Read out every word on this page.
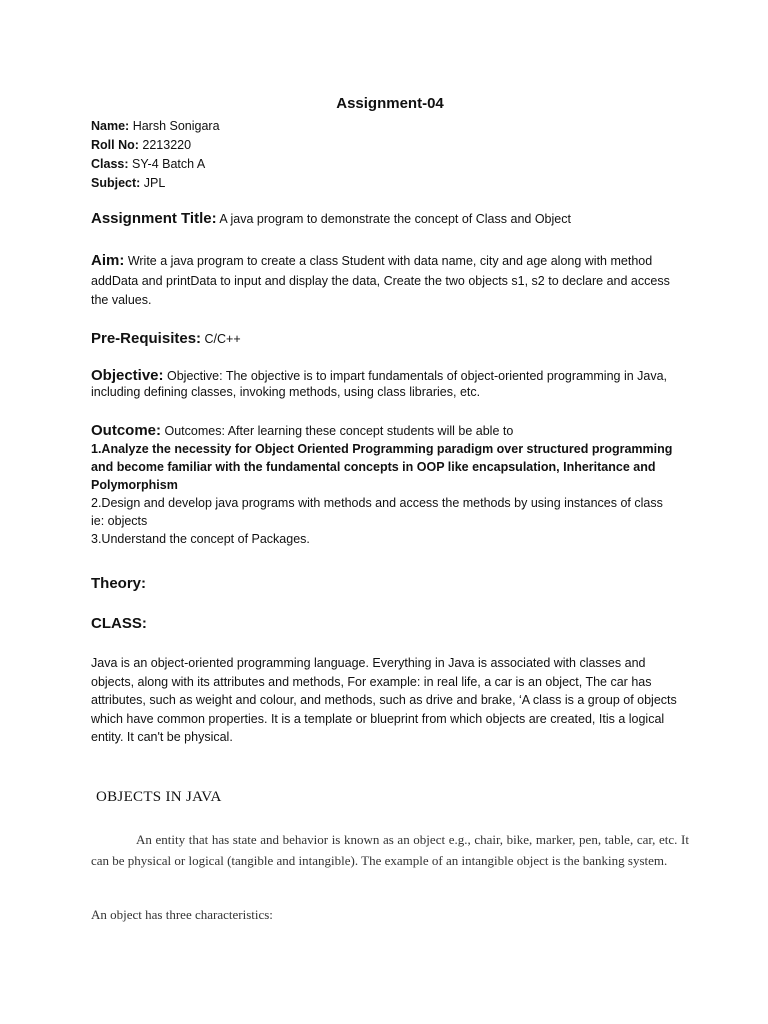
Assignment-04
Name: Harsh Sonigara
Roll No: 2213220
Class: SY-4 Batch A
Subject: JPL
Assignment Title: A java program to demonstrate the concept of Class and Object
Aim: Write a java program to create a class Student with data name, city and age along with method addData and printData to input and display the data, Create the two objects s1, s2 to declare and access the values.
Pre-Requisites: C/C++
Objective: Objective: The objective is to impart fundamentals of object-oriented programming in Java, including defining classes, invoking methods, using class libraries, etc.

Outcome: Outcomes: After learning these concept students will be able to

1.Analyze the necessity for Object Oriented Programming paradigm over structured programming and become familiar with the fundamental concepts in OOP like encapsulation, Inheritance and Polymorphism

2.Design and develop java programs with methods and access the methods by using instances of class ie: objects

3.Understand the concept of Packages.

Theory:
CLASS:
Java is an object-oriented programming language. Everything in Java is associated with classes and objects, along with its attributes and methods, For example: in real life, a car is an object, The car has attributes, such as weight and colour, and methods, such as drive and brake, ‘A class is a group of objects which have common properties. It is a template or blueprint from which objects are created, Itis a logical entity. It can't be physical.
OBJECTS IN JAVA
An entity that has state and behavior is known as an object e.g., chair, bike, marker, pen, table, car, etc. It can be physical or logical (tangible and intangible). The example of an intangible object is the banking system.
An object has three characteristics:
